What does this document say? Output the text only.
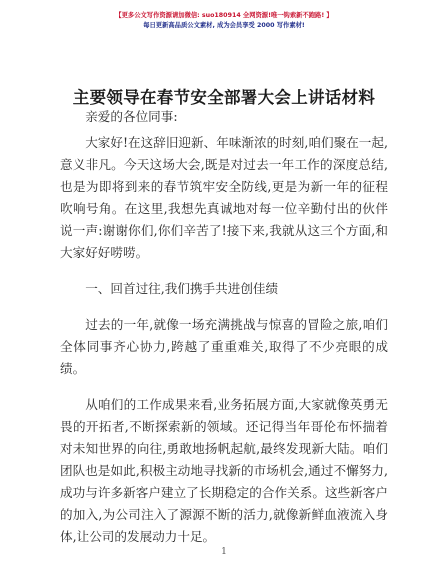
【更多公文写作资源请加微信: suo180914 全网资源!唯一钩索新不跑路! 】
每日更新高品质公文素材, 成为会员享受 2000 写作素材!
主要领导在春节安全部署大会上讲话材料

亲爱的各位同事:

大家好!在这辞旧迎新、年味渐浓的时刻,咱们聚在一起,意义非凡。今天这场大会,既是对过去一年工作的深度总结,也是为即将到来的春节筑牢安全防线,更是为新一年的征程吹响号角。在这里,我想先真诚地对每一位辛勤付出的伙伴说一声:谢谢你们,你们辛苦了!接下来,我就从这三个方面,和大家好好唠唠。

一、回首过往,我们携手共进创佳绩

过去的一年,就像一场充满挑战与惊喜的冒险之旅,咱们全体同事齐心协力,跨越了重重难关,取得了不少亮眼的成绩。

从咱们的工作成果来看,业务拓展方面,大家就像英勇无畏的开拓者,不断探索新的领域。还记得当年哥伦布怀揣着对未知世界的向往,勇敢地扬帆起航,最终发现新大陆。咱们团队也是如此,积极主动地寻找新的市场机会,通过不懈努力,成功与许多新客户建立了长期稳定的合作关系。这些新客户的加入,为公司注入了源源不断的活力,就像新鲜血液流入身体,让公司的发展动力十足。

1
